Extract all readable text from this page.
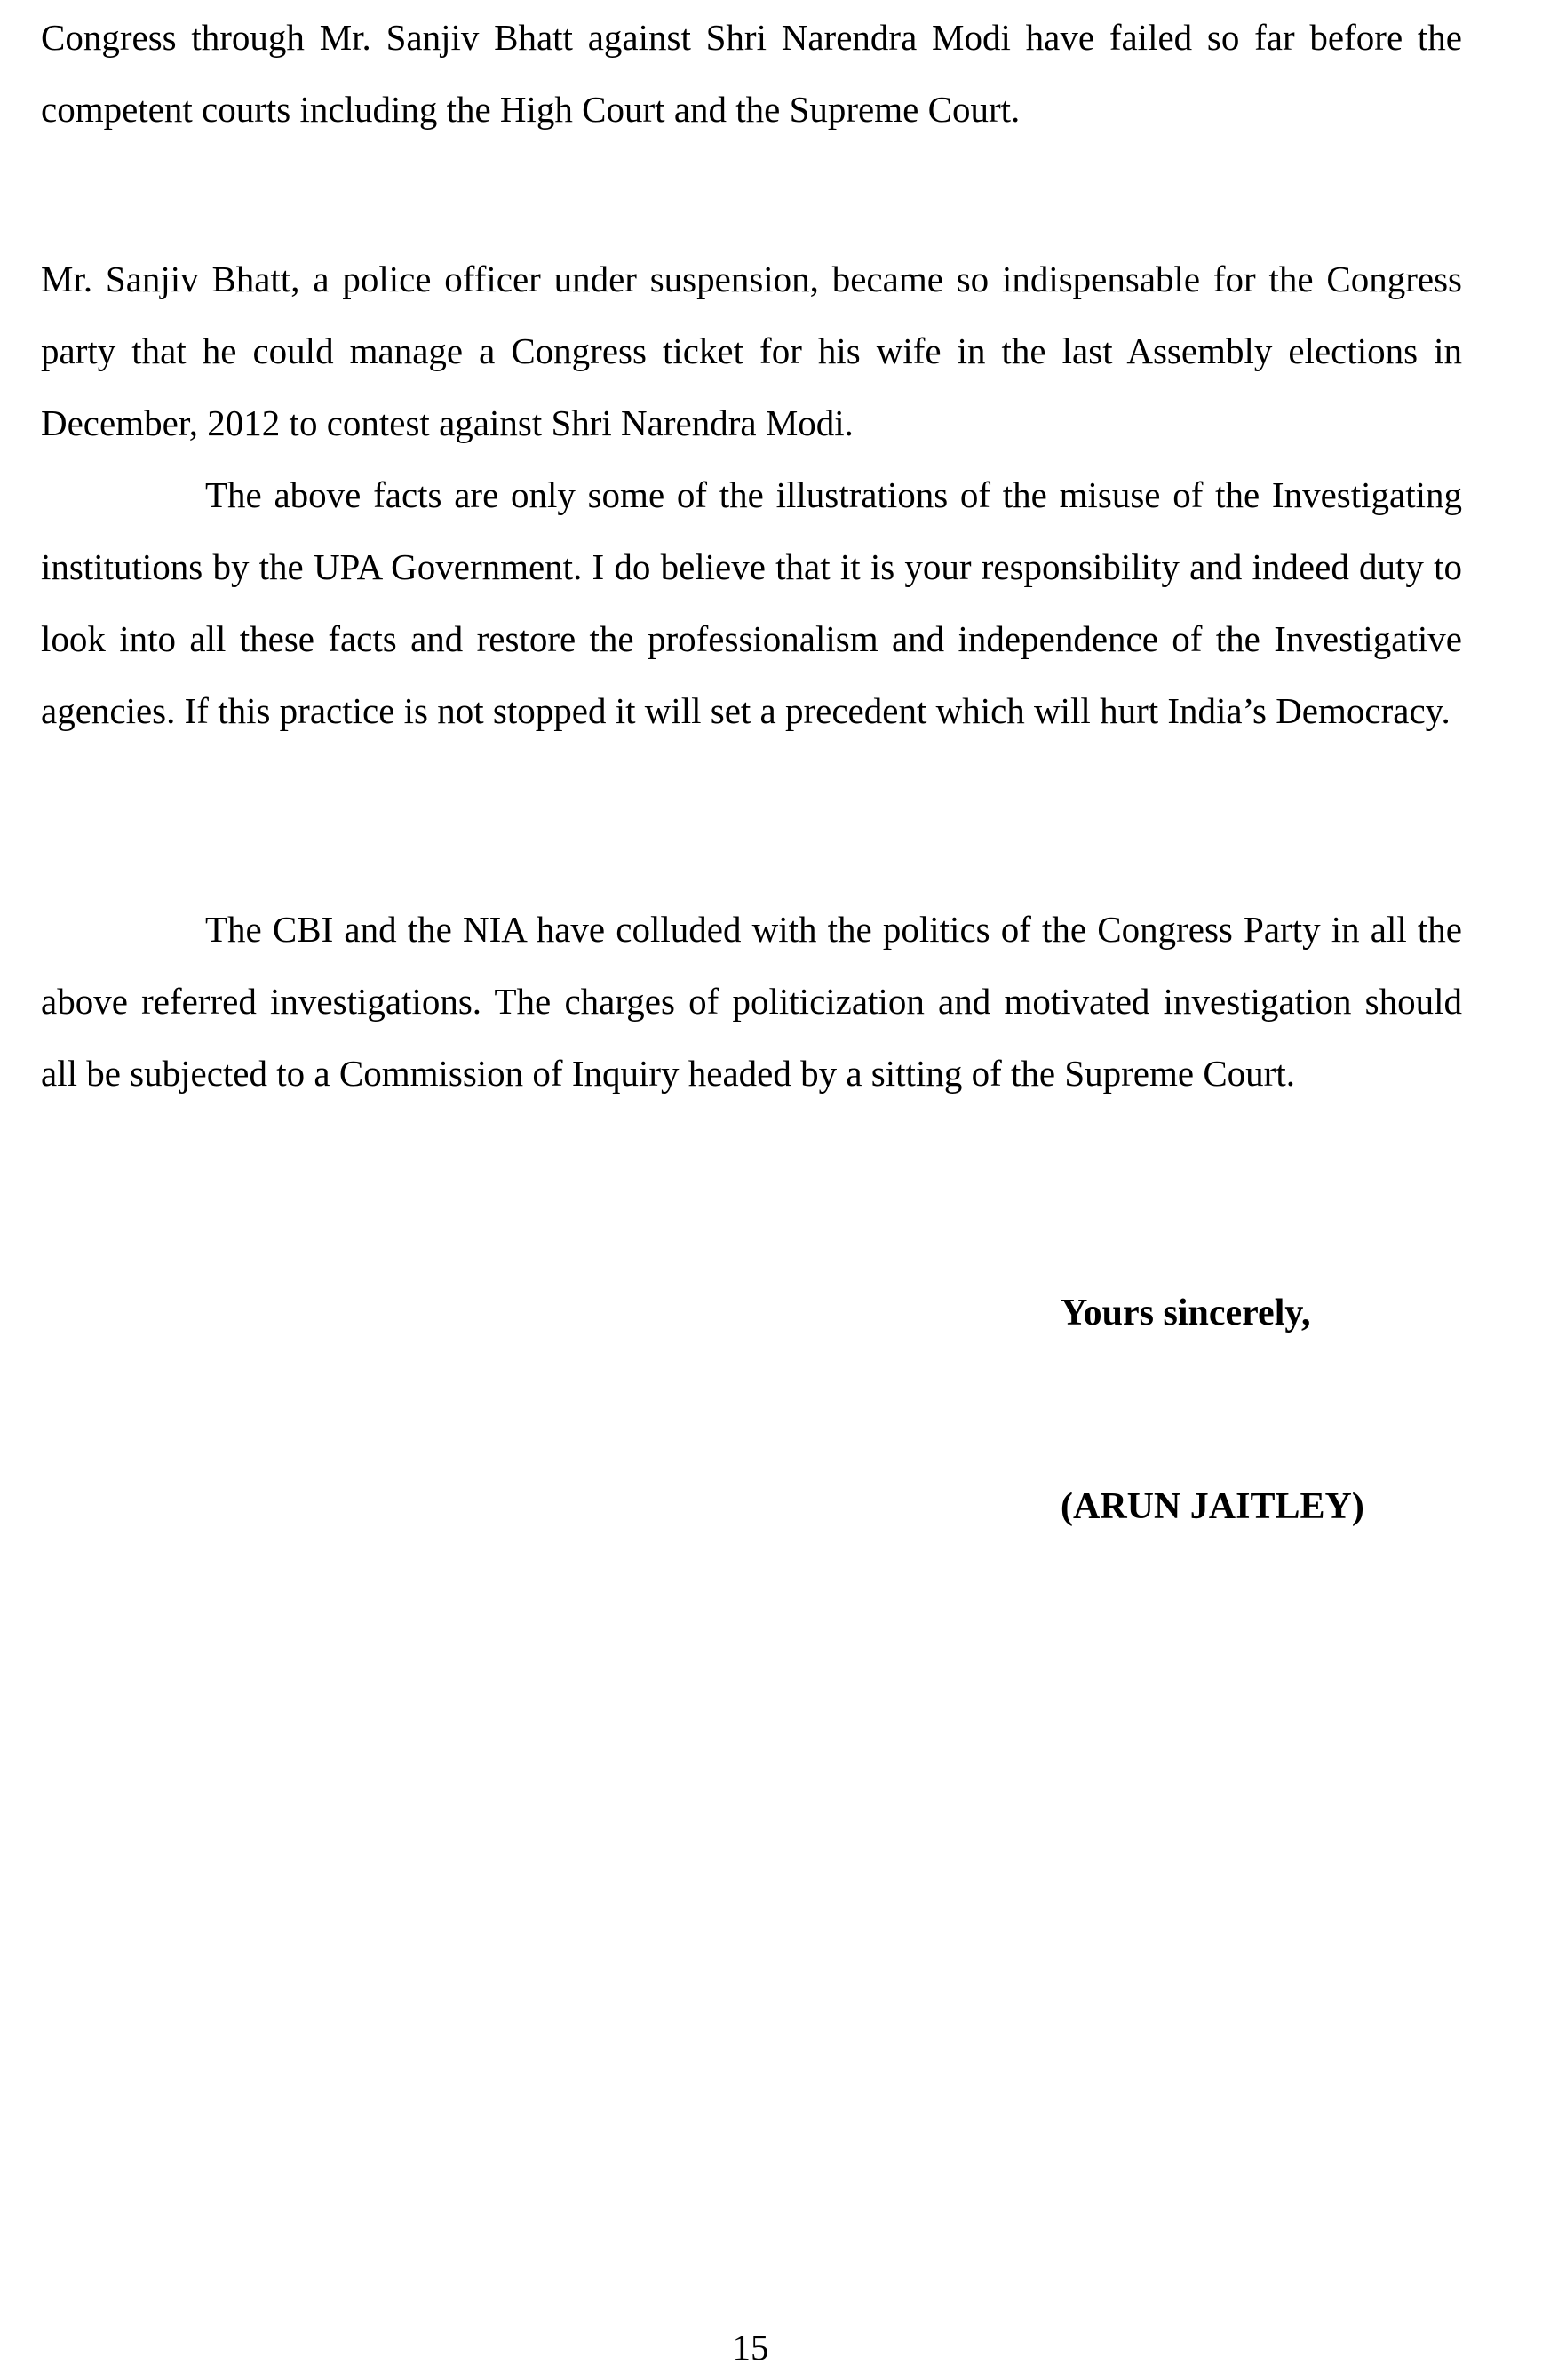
Congress through Mr. Sanjiv Bhatt against Shri Narendra Modi have failed so far before the competent courts including the High Court and the Supreme Court.

Mr. Sanjiv Bhatt, a police officer under suspension, became so indispensable for the Congress party that he could manage a Congress ticket for his wife in the last Assembly elections in December, 2012 to contest against Shri Narendra Modi.

The above facts are only some of the illustrations of the misuse of the Investigating institutions by the UPA Government. I do believe that it is your responsibility and indeed duty to look into all these facts and restore the professionalism and independence of the Investigative agencies. If this practice is not stopped it will set a precedent which will hurt India’s Democracy.

The CBI and the NIA have colluded with the politics of the Congress Party in all the above referred investigations. The charges of politicization and motivated investigation should all be subjected to a Commission of Inquiry headed by a sitting of the Supreme Court.

Yours sincerely,

(ARUN JAITLEY)

15
